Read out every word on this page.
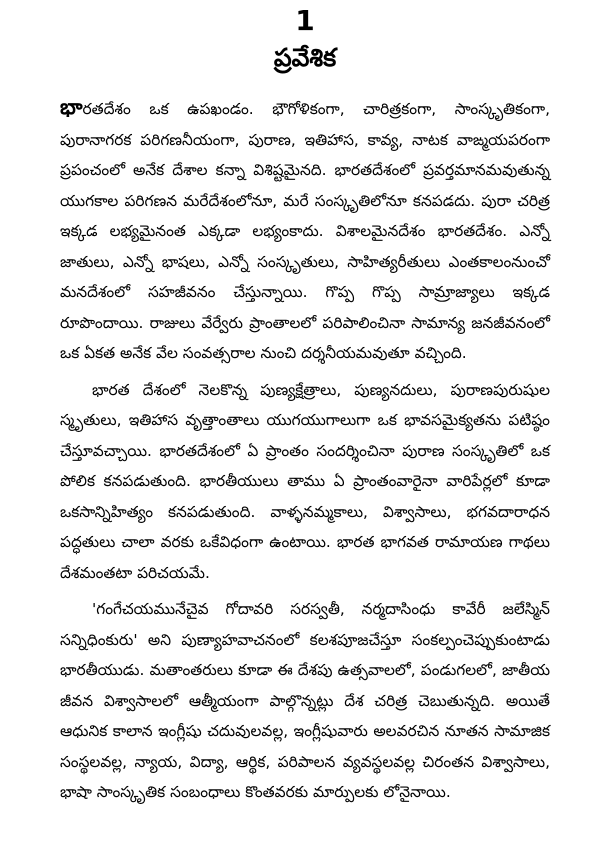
1
ప్రవేశిక

భారతదేశం ఒక ఉపఖండం. భౌగోళికంగా, చారిత్రకంగా, సాంస్కృతికంగా, పురానాగరక పరిగణనీయంగా, పురాణ, ఇతిహాస, కావ్య, నాటక వాఙ్మయపరంగా ప్రపంచంలో అనేక దేశాల కన్నా విశిష్టమైనది. భారతదేశంలో ప్రవర్తమానమవుతున్న యుగకాల పరిగణన మరేదేశంలోనూ, మరే సంస్కృతిలోనూ కనపడదు. పురా చరిత్ర ఇక్కడ లభ్యమైనంత ఎక్కడా లభ్యంకాదు. విశాలమైనదేశం భారతదేశం. ఎన్నో జాతులు, ఎన్నో భాషలు, ఎన్నో సంస్కృతులు, సాహిత్యరీతులు ఎంతకాలంనుంచో మనదేశంలో సహజీవనం చేస్తున్నాయి. గొప్ప గొప్ప సామ్రాజ్యాలు ఇక్కడ రూపొందాయి. రాజులు వేర్వేరు ప్రాంతాలలో పరిపాలించినా సామాన్య జనజీవనంలో ఒక ఏకత అనేక వేల సంవత్సరాల నుంచి దర్శనీయమవుతూ వచ్చింది.

భారత దేశంలో నెలకొన్న పుణ్యక్షేత్రాలు, పుణ్యనదులు, పురాణపురుషుల స్మృతులు, ఇతిహాస వృత్తాంతాలు యుగయుగాలుగా ఒక భావసమైక్యతను పటిష్ఠం చేస్తూవచ్చాయి. భారతదేశంలో ఏ ప్రాంతం సందర్శించినా పురాణ సంస్కృతిలో ఒక పోలిక కనపడుతుంది. భారతీయులు తాము ఏ ప్రాంతంవారైనా వారిపేర్లలో కూడా ఒకసాన్నిహిత్యం కనపడుతుంది. వాళ్ళనమ్మకాలు, విశ్వాసాలు, భగవదారాధన పద్ధతులు చాలా వరకు ఒకేవిధంగా ఉంటాయి. భారత భాగవత రామాయణ గాథలు దేశమంతటా పరిచయమే.

'గంగేచయమునేచైవ గోదావరి సరస్వతీ, నర్మదాసింధు కావేరీ జలేస్మిన్ సన్నిధింకురు' అని పుణ్యాహవాచనంలో కలశపూజచేస్తూ సంకల్పంచెప్పుకుంటాడు భారతీయుడు. మతాంతరులు కూడా ఈ దేశపు ఉత్సవాలలో, పండుగలలో, జాతీయ జీవన విశ్వాసాలలో ఆత్మీయంగా పాల్గొన్నట్లు దేశ చరిత్ర చెబుతున్నది. అయితే ఆధునిక కాలాన ఇంగ్లీషు చదువులవల్ల, ఇంగ్లీషువారు అలవరచిన నూతన సామాజిక సంస్థలవల్ల, న్యాయ, విద్యా, ఆర్థిక, పరిపాలన వ్యవస్థలవల్ల చిరంతన విశ్వాసాలు, భాషా సాంస్కృతిక సంబంధాలు కొంతవరకు మార్పులకు లోనైనాయి.
